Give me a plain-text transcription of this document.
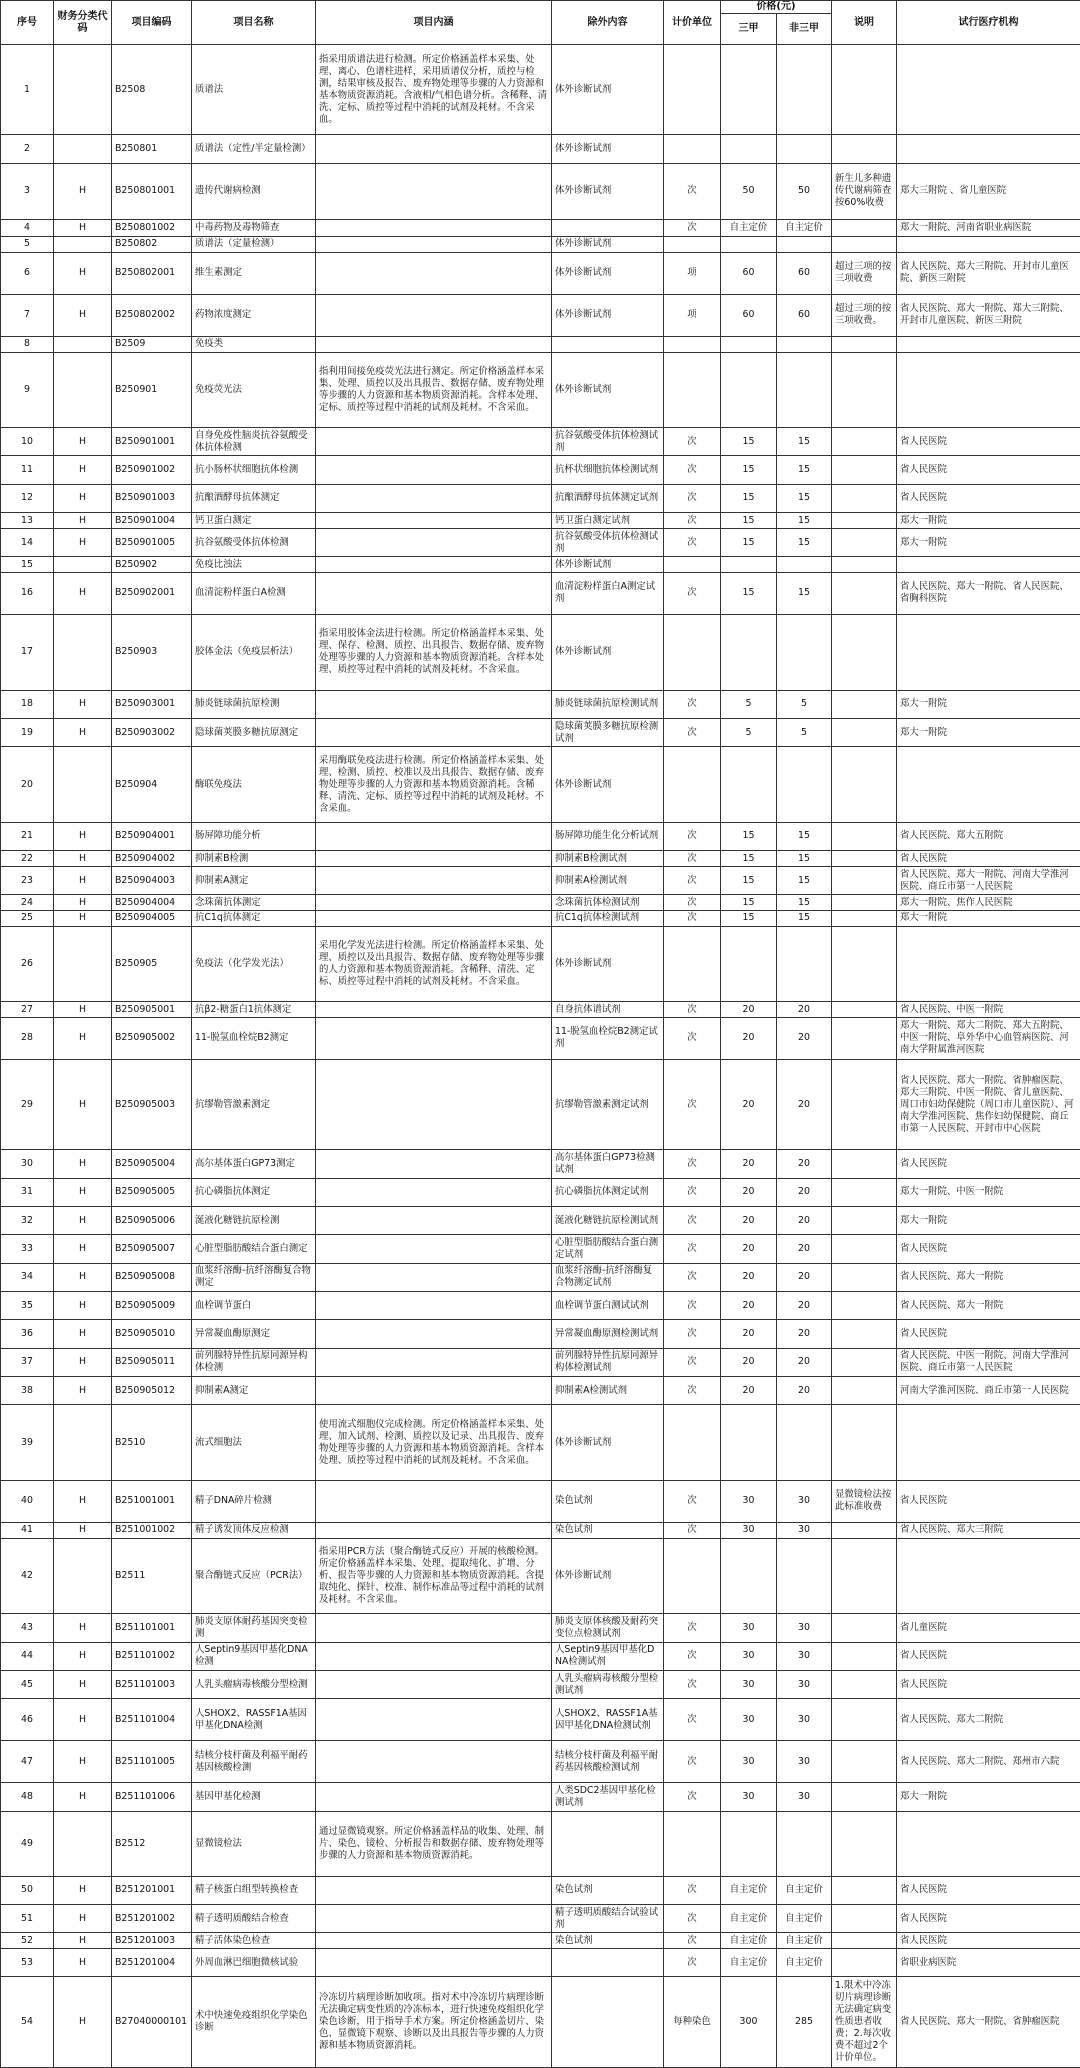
序号	财务分类代码	项目编码	项目名称	项目内涵	除外内容	计价单位	价格(元)		说明	试行医疗机构
							三甲	非三甲		
1		B2508	质谱法	指采用质谱法进行检测。所定价格涵盖样本采集、处理、离心、色谱柱进样，采用质谱仪分析，质控与检测，结果审核及报告、废弃物处理等步骤的人力资源和基本物质资源消耗。含液相/气相色谱分析。含稀释、清洗、定标、质控等过程中消耗的试剂及耗材。不含采血。	体外诊断试剂					
2		B250801	质谱法（定性/半定量检测）		体外诊断试剂					
3	H	B250801001	遗传代谢病检测		体外诊断试剂	次	50	50	新生儿多种遗传代谢病筛查按60%收费	郑大三附院 、省儿童医院
4	H	B250801002	中毒药物及毒物筛查			次	自主定价	自主定价		郑大一附院、河南省职业病医院
5		B250802	质谱法（定量检测）		体外诊断试剂					
6	H	B250802001	维生素测定		体外诊断试剂	项	60	60	超过三项的按三项收费	省人民医院、郑大三附院、开封市儿童医院、新医三附院
7	H	B250802002	药物浓度测定		体外诊断试剂	项	60	60	超过三项的按三项收费。	省人民医院、郑大一附院、郑大三附院、开封市儿童医院、新医三附院
8		B2509	免疫类							
9		B250901	免疫荧光法	指利用间接免疫荧光法进行测定。所定价格涵盖样本采集、处理、质控以及出具报告、数据存储、废弃物处理等步骤的人力资源和基本物质资源消耗。含样本处理、定标、质控等过程中消耗的试剂及耗材。不含采血。	体外诊断试剂					
10	H	B250901001	自身免疫性脑炎抗谷氨酸受体抗体检测		抗谷氨酸受体抗体检测试剂	次	15	15		省人民医院
11	H	B250901002	抗小肠杯状细胞抗体检测		抗杯状细胞抗体检测试剂	次	15	15		省人民医院
12	H	B250901003	抗酿酒酵母抗体测定		抗酿酒酵母抗体测定试剂	次	15	15		省人民医院
13	H	B250901004	钙卫蛋白测定		钙卫蛋白测定试剂	次	15	15		郑大一附院
14	H	B250901005	抗谷氨酸受体抗体检测		抗谷氨酸受体抗体检测试剂	次	15	15		郑大一附院
15		B250902	免疫比浊法		体外诊断试剂					
16	H	B250902001	血清淀粉样蛋白A检测		血清淀粉样蛋白A测定试剂	次	15	15		省人民医院、郑大一附院、省人民医院、省胸科医院
17		B250903	胶体金法（免疫层析法）	指采用胶体金法进行检测。所定价格涵盖样本采集、处理、保存、检测、质控、出具报告、数据存储、废弃物处理等步骤的人力资源和基本物质资源消耗。含样本处理、质控等过程中消耗的试剂及耗材。不含采血。	体外诊断试剂					
18	H	B250903001	肺炎链球菌抗原检测		肺炎链球菌抗原检测试剂	次	5	5		郑大一附院
19	H	B250903002	隐球菌荚膜多糖抗原测定		隐球菌荚膜多糖抗原检测试剂	次	5	5		郑大一附院
20		B250904	酶联免疫法	采用酶联免疫法进行检测。所定价格涵盖样本采集、处理、检测、质控、校准以及出具报告、数据存储、废弃物处理等步骤的人力资源和基本物质资源消耗。含稀释、清洗、定标、质控等过程中消耗的试剂及耗材。不含采血。	体外诊断试剂					
21	H	B250904001	肠屏障功能分析		肠屏障功能生化分析试剂	次	15	15		省人民医院、郑大五附院
22	H	B250904002	抑制素B检测		抑制素B检测试剂	次	15	15		省人民医院
23	H	B250904003	抑制素A测定		抑制素A检测试剂	次	15	15		省人民医院、郑大一附院、河南大学淮河医院、商丘市第一人民医院
24	H	B250904004	念珠菌抗体测定		念珠菌抗体检测试剂	次	15	15		郑大一附院、焦作人民医院
25	H	B250904005	抗C1q抗体测定		抗C1q抗体检测试剂	次	15	15		郑大一附院
26		B250905	免疫法（化学发光法）	采用化学发光法进行检测。所定价格涵盖样本采集、处理、质控以及出具报告、数据存储、废弃物处理等步骤的人力资源和基本物质资源消耗。含稀释、清洗、定标、质控等过程中消耗的试剂及耗材。不含采血。	体外诊断试剂					
27	H	B250905001	抗β2-糖蛋白1抗体测定		自身抗体谱试剂	次	20	20		省人民医院、中医一附院
28	H	B250905002	11-脱氢血栓烷B2测定		11-脱氢血栓烷B2测定试剂	次	20	20		郑大一附院、郑大二附院、郑大五附院、中医一附院、阜外华中心血管病医院、河南大学附属淮河医院
29	H	B250905003	抗缪勒管激素测定		抗缪勒管激素测定试剂	次	20	20		省人民医院、郑大一附院、省肿瘤医院、郑大三附院、中医一附院、省儿童医院、周口市妇幼保健院（周口市儿童医院）、河南大学淮河医院、焦作妇幼保健院、商丘市第一人民医院、开封市中心医院
30	H	B250905004	高尔基体蛋白GP73测定		高尔基体蛋白GP73检测试剂	次	20	20		省人民医院
31	H	B250905005	抗心磷脂抗体测定		抗心磷脂抗体测定试剂	次	20	20		郑大一附院、中医一附院
32	H	B250905006	涎液化糖链抗原检测		涎液化糖链抗原检测试剂	次	20	20		郑大一附院
33	H	B250905007	心脏型脂肪酸结合蛋白测定		心脏型脂肪酸结合蛋白测定试剂	次	20	20		省人民医院
34	H	B250905008	血浆纤溶酶-抗纤溶酶复合物测定		血浆纤溶酶-抗纤溶酶复合物测定试剂	次	20	20		省人民医院、郑大一附院
35	H	B250905009	血栓调节蛋白		血栓调节蛋白测试试剂	次	20	20		省人民医院、郑大一附院
36	H	B250905010	异常凝血酶原测定		异常凝血酶原测检测试剂	次	20	20		省人民医院
37	H	B250905011	前列腺特异性抗原同源异构体检测		前列腺特异性抗原同源异构体检测试剂	次	20	20		省人民医院、中医一附院、河南大学淮河医院、商丘市第一人民医院
38	H	B250905012	抑制素A测定		抑制素A检测试剂	次	20	20		河南大学淮河医院、商丘市第一人民医院
39		B2510	流式细胞法	使用流式细胞仪完成检测。所定价格涵盖样本采集、处理、加入试剂、检测、质控以及记录、出具报告、废弃物处理等步骤的人力资源和基本物质资源消耗。含样本处理、质控等过程中消耗的试剂及耗材。不含采血。	体外诊断试剂					
40	H	B251001001	精子DNA碎片检测		染色试剂	次	30	30	显微镜检法按此标准收费	省人民医院
41	H	B251001002	精子诱发顶体反应检测		染色试剂	次	30	30		省人民医院、郑大三附院
42		B2511	聚合酶链式反应（PCR法）	指采用PCR方法（聚合酶链式反应）开展的核酸检测。所定价格涵盖样本采集、处理、提取纯化、扩增、分析、报告等步骤的人力资源和基本物质资源消耗。含提取纯化、探针、校准、制作标准品等过程中消耗的试剂及耗材。不含采血。	体外诊断试剂					
43	H	B251101001	肺炎支原体耐药基因突变检测		肺炎支原体核酸及耐药突变位点检测试剂	次	30	30		省儿童医院
44	H	B251101002	人Septin9基因甲基化DNA检测		人Septin9基因甲基化DNA检测试剂	次	30	30		省人民医院
45	H	B251101003	人乳头瘤病毒核酸分型检测		人乳头瘤病毒核酸分型检测试剂	次	30	30		省人民医院
46	H	B251101004	人SHOX2、RASSF1A基因甲基化DNA检测		人SHOX2、RASSF1A基因甲基化DNA检测试剂	次	30	30		省人民医院、郑大二附院
47	H	B251101005	结核分枝杆菌及利福平耐药基因核酸检测		结核分枝杆菌及利福平耐药基因核酸检测试剂	次	30	30		省人民医院、郑大二附院、郑州市六院
48	H	B251101006	基因甲基化检测		人类SDC2基因甲基化检测试剂	次	30	30		郑大一附院
49		B2512	显微镜检法	通过显微镜观察。所定价格涵盖样品的收集、处理、制片、染色、镜检、分析报告和数据存储、废弃物处理等步骤的人力资源和基本物质资源消耗。						
50	H	B251201001	精子核蛋白组型转换检查		染色试剂	次	自主定价	自主定价		省人民医院
51	H	B251201002	精子透明质酸结合检查		精子透明质酸结合试验试剂	次	自主定价	自主定价		省人民医院
52	H	B251201003	精子活体染色检查		染色试剂	次	自主定价	自主定价		省人民医院
53	H	B251201004	外周血淋巴细胞微核试验			次	自主定价	自主定价		省职业病医院
54	H	B27040000101	术中快速免疫组织化学染色诊断	冷冻切片病理诊断加收项。指对术中冷冻切片病理诊断无法确定病变性质的冷冻标本，进行快速免疫组织化学染色诊断，用于指导手术方案。所定价格涵盖切片、染色、显微镜下观察、诊断以及出具报告等步骤的人力资源和基本物质资源消耗。		每种染色	300	285	1.限术中冷冻切片病理诊断无法确定病变性质患者收费；2.每次收费不超过2个计价单位。	省人民医院、郑大一附院、省肿瘤医院
